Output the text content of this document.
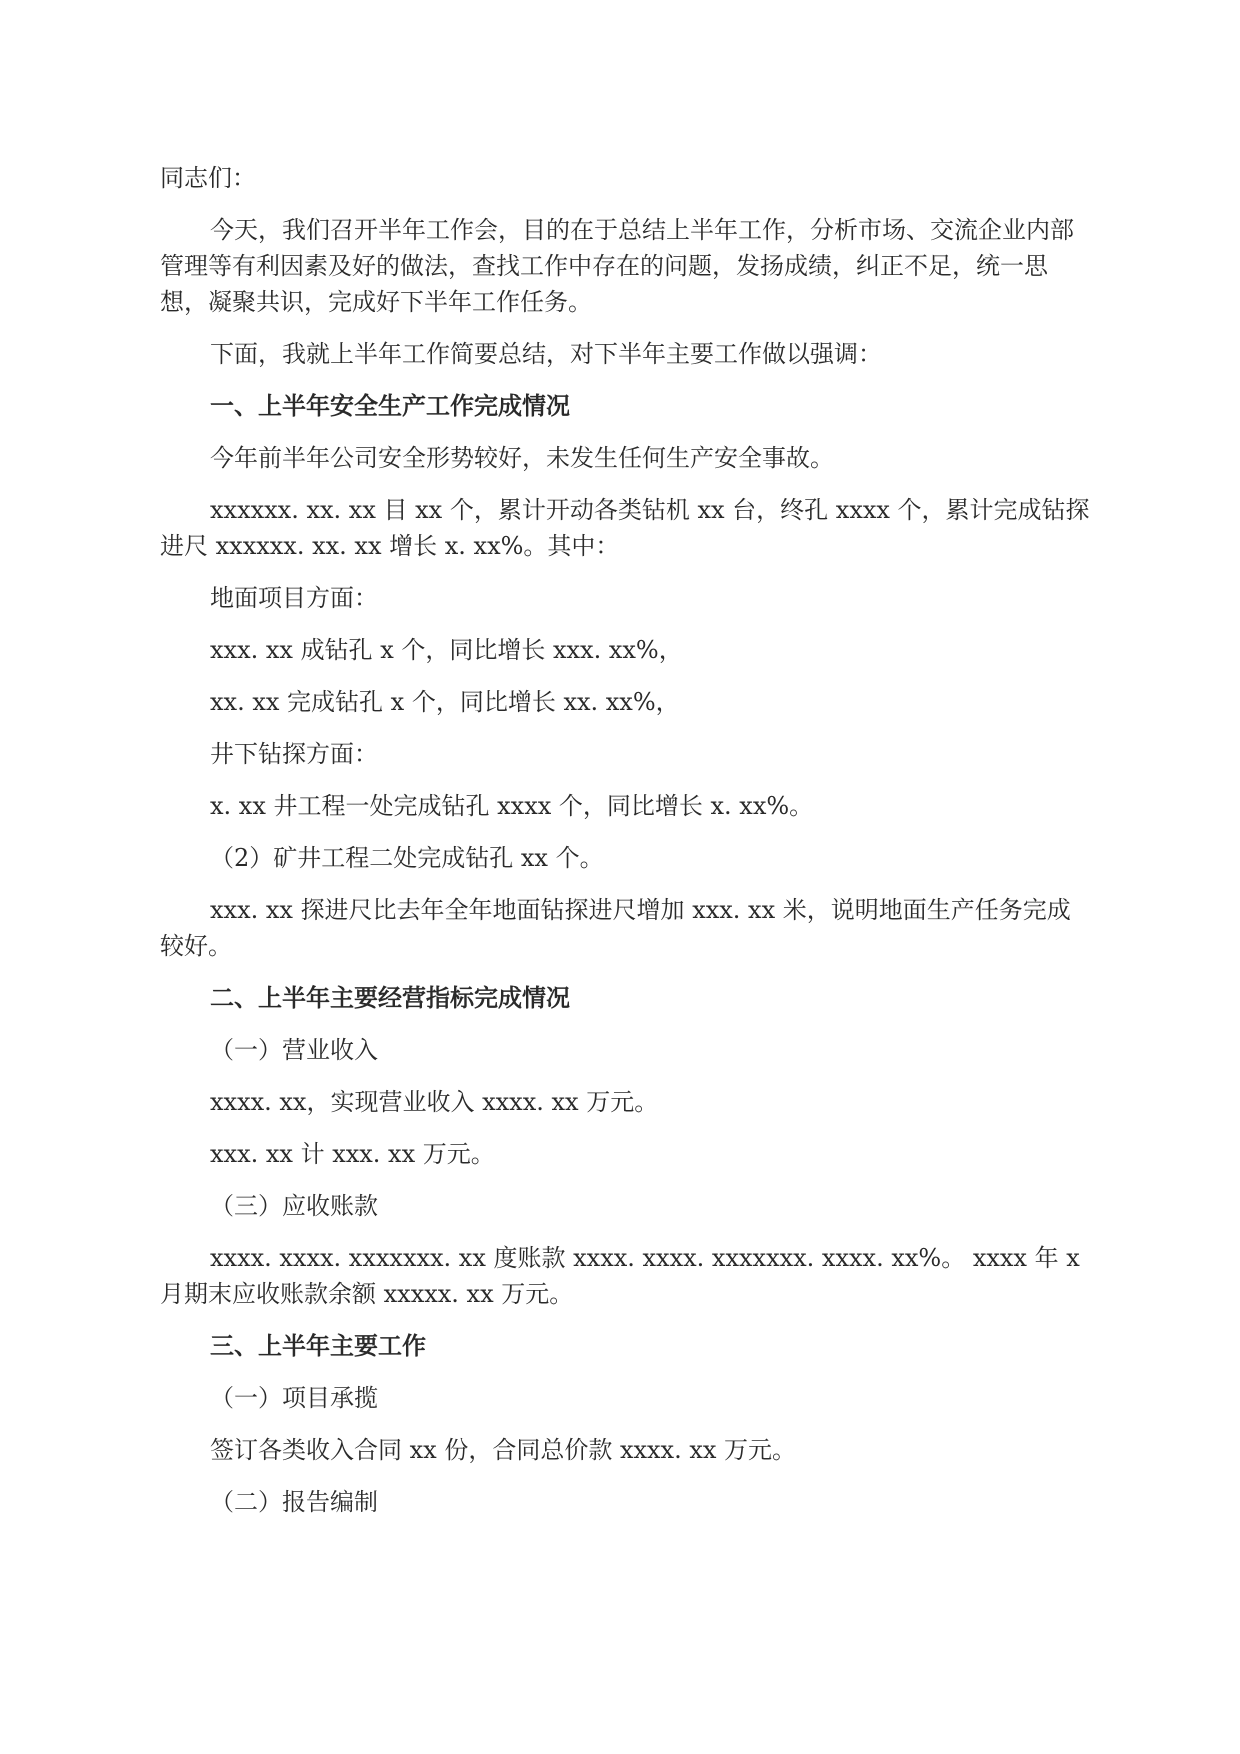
同志们：

今天，我们召开半年工作会，目的在于总结上半年工作，分析市场、交流企业内部管理等有利因素及好的做法，查找工作中存在的问题，发扬成绩，纠正不足，统一思想，凝聚共识，完成好下半年工作任务。

下面，我就上半年工作简要总结，对下半年主要工作做以强调：

一、上半年安全生产工作完成情况

今年前半年公司安全形势较好，未发生任何生产安全事故。

xxxxxx. xx. xx 目 xx 个，累计开动各类钻机 xx 台，终孔 xxxx 个，累计完成钻探进尺 xxxxxx. xx. xx 增长 x. xx%。其中：

地面项目方面：

xxx. xx 成钻孔 x 个，同比增长 xxx. xx%，

xx. xx 完成钻孔 x 个，同比增长 xx. xx%，

井下钻探方面：

x. xx 井工程一处完成钻孔 xxxx 个，同比增长 x. xx%。

（2）矿井工程二处完成钻孔 xx 个。

xxx. xx 探进尺比去年全年地面钻探进尺增加 xxx. xx 米，说明地面生产任务完成较好。

二、上半年主要经营指标完成情况

（一）营业收入

xxxx. xx，实现营业收入 xxxx. xx 万元。

xxx. xx 计 xxx. xx 万元。

（三）应收账款

xxxx. xxxx. xxxxxxx. xx 度账款 xxxx. xxxx. xxxxxxx. xxxx. xx%。 xxxx 年 x 月期末应收账款余额 xxxxx. xx 万元。

三、上半年主要工作

（一）项目承揽

签订各类收入合同 xx 份，合同总价款 xxxx. xx 万元。

（二）报告编制
